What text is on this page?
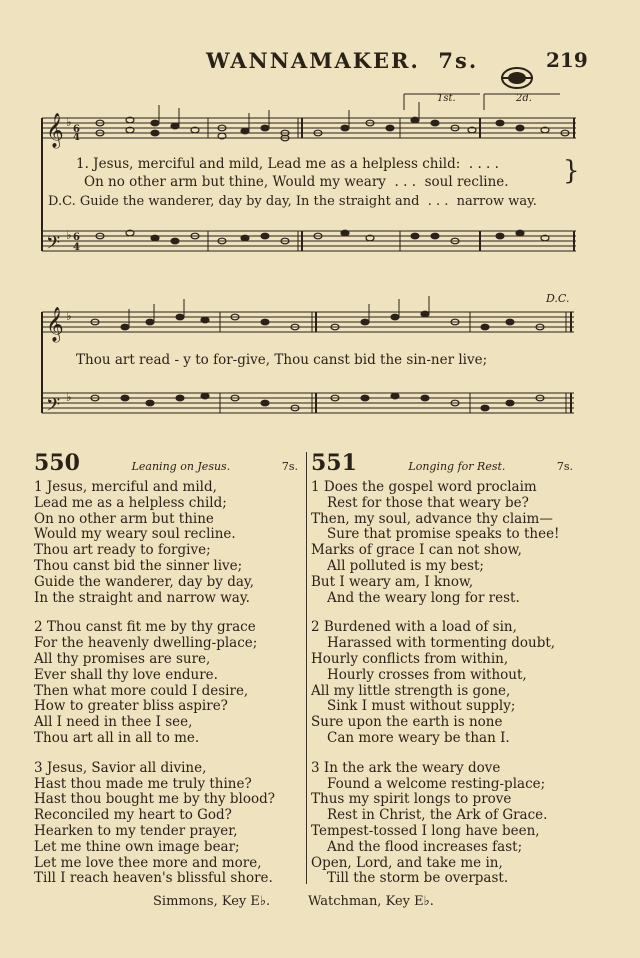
WANNAMAKER. 7s.	219
1st.	2d.
𝄞
𝄢
♭
6
4
♭ 6
4
𝄞
𝄢
♭
♭
1. Jesus, merciful and mild, Lead me as a helpless child: . . . . }
On no other arm but thine, Would my weary . . . soul recline.
D.C. Guide the wanderer, day by day, In the straight and . . . narrow way.
D.C.
Thou art read - y to for-give, Thou canst bid the sin-ner live;
550	Leaning on Jesus.	7s.
1 Jesus, merciful and mild,
Lead me as a helpless child;
On no other arm but thine
Would my weary soul recline.
Thou art ready to forgive;
Thou canst bid the sinner live;
Guide the wanderer, day by day,
In the straight and narrow way.
2 Thou canst fit me by thy grace
For the heavenly dwelling-place;
All thy promises are sure,
Ever shall thy love endure.
Then what more could I desire,
How to greater bliss aspire?
All I need in thee I see,
Thou art all in all to me.
3 Jesus, Savior all divine,
Hast thou made me truly thine?
Hast thou bought me by thy blood?
Reconciled my heart to God?
Hearken to my tender prayer,
Let me thine own image bear;
Let me love thee more and more,
Till I reach heaven's blissful shore.
551	Longing for Rest.	7s.
1 Does the gospel word proclaim
Rest for those that weary be?
Then, my soul, advance thy claim—
Sure that promise speaks to thee!
Marks of grace I can not show,
All polluted is my best;
But I weary am, I know,
And the weary long for rest.
2 Burdened with a load of sin,
Harassed with tormenting doubt,
Hourly conflicts from within,
Hourly crosses from without,
All my little strength is gone,
Sink I must without supply;
Sure upon the earth is none
Can more weary be than I.
3 In the ark the weary dove
Found a welcome resting-place;
Thus my spirit longs to prove
Rest in Christ, the Ark of Grace.
Tempest-tossed I long have been,
And the flood increases fast;
Open, Lord, and take me in,
Till the storm be overpast.
Simmons, Key E♭.	Watchman, Key E♭.
